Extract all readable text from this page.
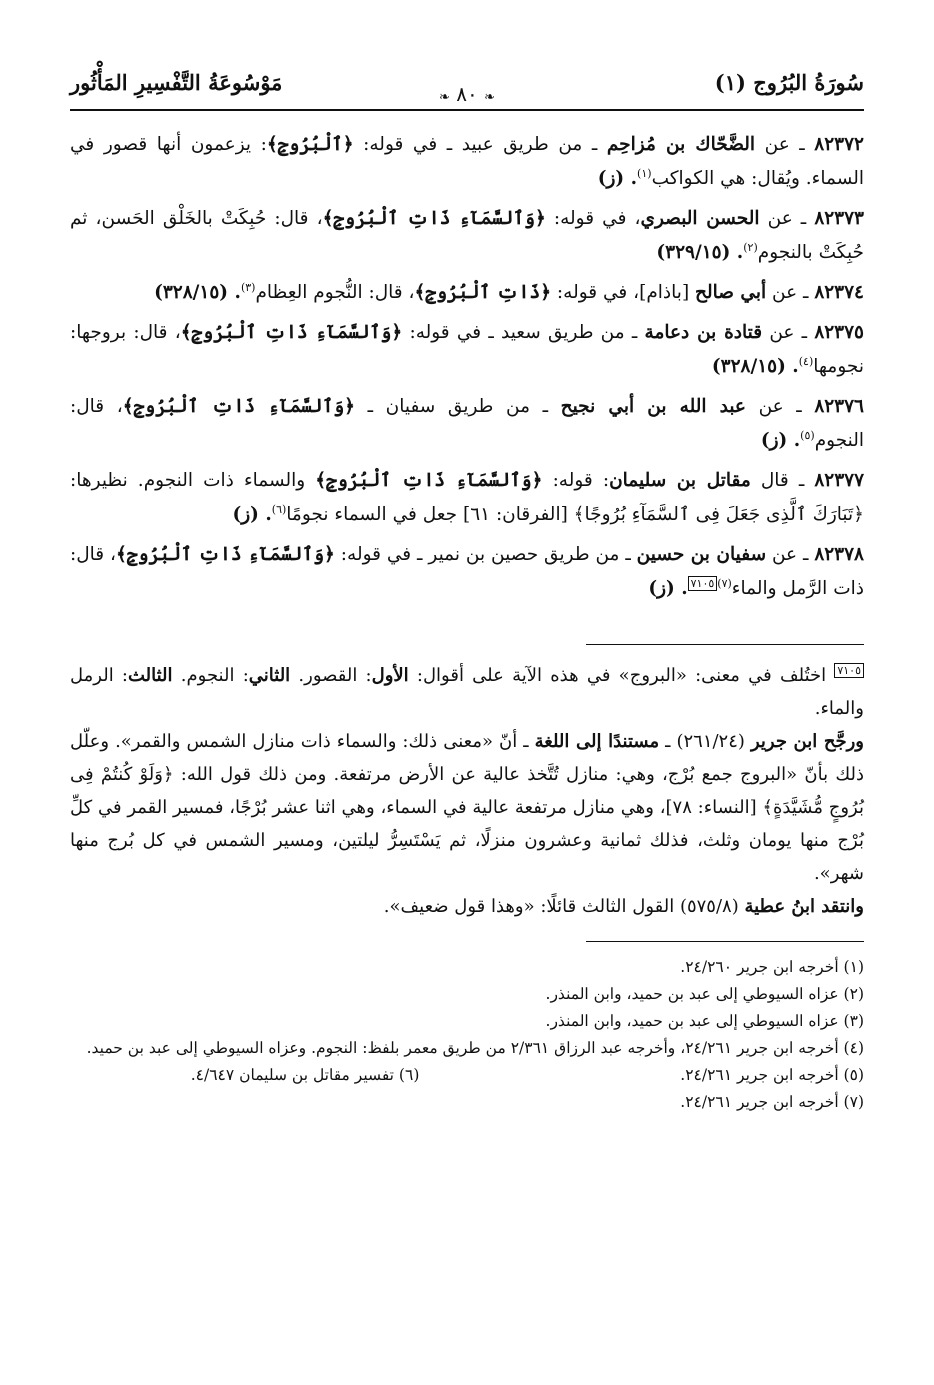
سُورَةُ البُرُوج (١)
❧ ٨٠ ❧
مَوْسُوعَةُ التَّفْسِيرِ المَأْثُور

٨٢٣٧٢ ـ عن الضَّحّاك بن مُزاحِم ـ من طريق عبيد ـ في قوله: ﴿ٱلْبُرُوجِ﴾: يزعمون أنها قصور في السماء. ويُقال: هي الكواكب$^{(١)}$. (ز)

٨٢٣٧٣ ـ عن الحسن البصري، في قوله: ﴿وَٱلسَّمَآءِ ذَاتِ ٱلْبُرُوجِ﴾، قال: حُبِكَتْ بالخَلْق الحَسن، ثم حُبِكَتْ بالنجوم$^{(٢)}$. (٣٢٩/١٥)

٨٢٣٧٤ ـ عن أبي صالح [باذام]، في قوله: ﴿ذَاتِ ٱلْبُرُوجِ﴾، قال: النُّجوم العِظام$^{(٣)}$. (٣٢٨/١٥)

٨٢٣٧٥ ـ عن قتادة بن دعامة ـ من طريق سعيد ـ في قوله: ﴿وَٱلسَّمَآءِ ذَاتِ ٱلْبُرُوجِ﴾، قال: بروجها: نجومها$^{(٤)}$. (٣٢٨/١٥)

٨٢٣٧٦ ـ عن عبد الله بن أبي نجيح ـ من طريق سفيان ـ ﴿وَٱلسَّمَآءِ ذَاتِ ٱلْبُرُوجِ﴾، قال: النجوم$^{(٥)}$. (ز)

٨٢٣٧٧ ـ قال مقاتل بن سليمان: قوله: ﴿وَٱلسَّمَآءِ ذَاتِ ٱلْبُرُوجِ﴾ والسماء ذات النجوم. نظيرها: ﴿تَبَارَكَ ٱلَّذِى جَعَلَ فِى ٱلسَّمَآءِ بُرُوجًا﴾ [الفرقان: ٦١] جعل في السماء نجومًا$^{(٦)}$. (ز)

٨٢٣٧٨ ـ عن سفيان بن حسين ـ من طريق حصين بن نمير ـ في قوله: ﴿وَٱلسَّمَآءِ ذَاتِ ٱلْبُرُوجِ﴾، قال: ذات الرَّمل والماء$^{(٧)٧١٠٥}$. (ز)

$^{٧١٠٥}$ اختُلف في معنى: «البروج» في هذه الآية على أقوال: الأول: القصور. الثاني: النجوم. الثالث: الرمل والماء.

ورجَّح ابن جرير (٢٦١/٢٤) ـ مستندًا إلى اللغة ـ أنّ «معنى ذلك: والسماء ذات منازل الشمس والقمر». وعلّل ذلك بأنّ «البروج جمع بُرْج، وهي: منازل تُتَّخذ عالية عن الأرض مرتفعة. ومن ذلك قول الله: ﴿وَلَوْ كُنتُمْ فِى بُرُوجٍ مُّشَيَّدَةٍ﴾ [النساء: ٧٨]، وهي منازل مرتفعة عالية في السماء، وهي اثنا عشر بُرْجًا، فمسير القمر في كلِّ بُرْج منها يومان وثلث، فذلك ثمانية وعشرون منزلًا، ثم يَسْتَسِرُّ ليلتين، ومسير الشمس في كل بُرج منها شهر».

وانتقد ابنُ عطية (٥٧٥/٨) القول الثالث قائلًا: «وهذا قول ضعيف».

(١) أخرجه ابن جرير ٢٤/٢٦٠.

(٢) عزاه السيوطي إلى عبد بن حميد، وابن المنذر.

(٣) عزاه السيوطي إلى عبد بن حميد، وابن المنذر.

(٤) أخرجه ابن جرير ٢٤/٢٦١، وأخرجه عبد الرزاق ٢/٣٦١ من طريق معمر بلفظ: النجوم. وعزاه السيوطي إلى عبد بن حميد.

(٥) أخرجه ابن جرير ٢٤/٢٦١.

(٦) تفسير مقاتل بن سليمان ٤/٦٤٧.

(٧) أخرجه ابن جرير ٢٤/٢٦١.
